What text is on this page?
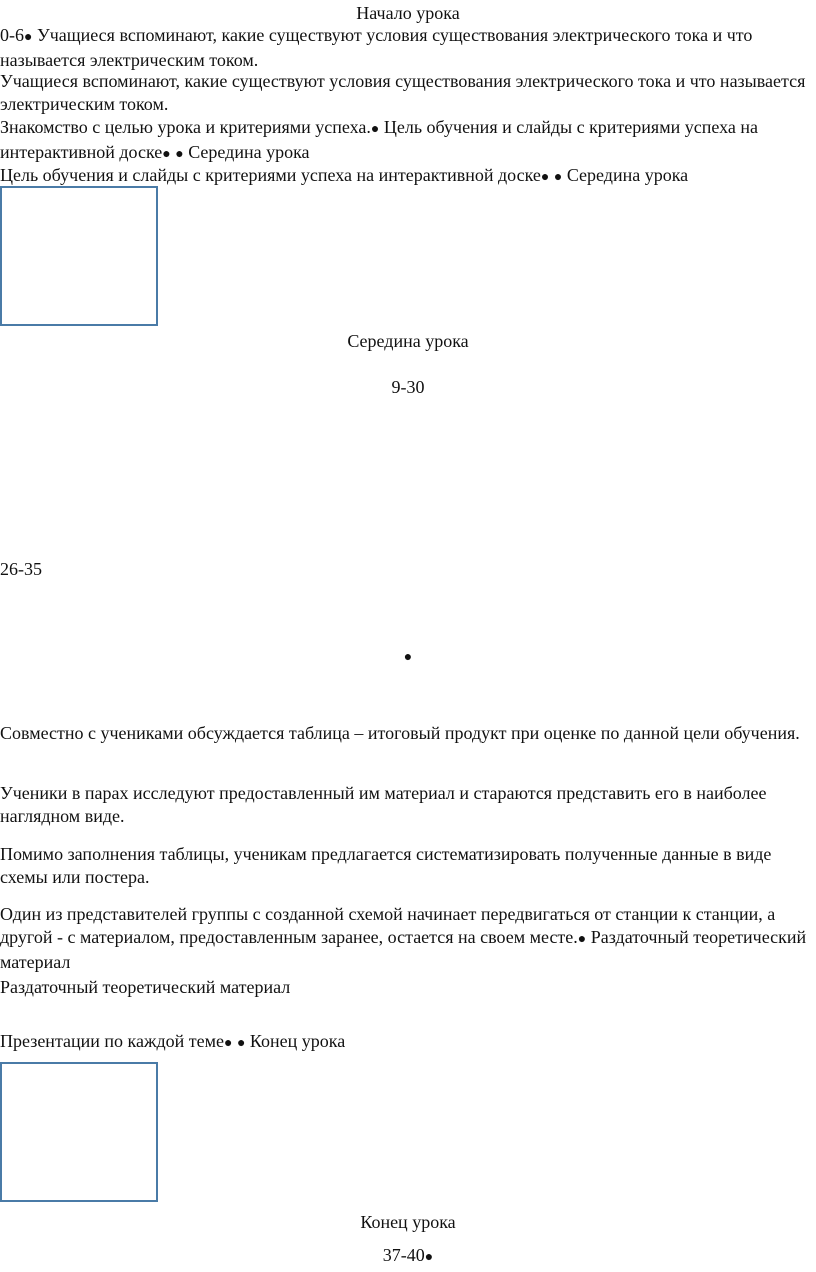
Начало урока
0-6● Учащиеся вспоминают, какие существуют условия существования электрического тока и что называется электрическим током.
Учащиеся вспоминают, какие существуют условия существования электрического тока и что называется электрическим током.
Знакомство с целью урока и критериями успеха.● Цель обучения и слайды с критериями успеха на интерактивной доске● ● Середина урока
Цель обучения и слайды с критериями успеха на интерактивной доске● ● Середина урока
Середина урока
9-30
26-35
●
Совместно с учениками обсуждается таблица – итоговый продукт при оценке по данной цели обучения.
Ученики в парах исследуют предоставленный им материал и стараются представить его в наиболее наглядном виде.
Помимо заполнения таблицы, ученикам предлагается систематизировать полученные данные в виде схемы или постера.
Один из представителей группы с созданной схемой начинает передвигаться от станции к станции, а другой - с материалом, предоставленным заранее, остается на своем месте.● Раздаточный теоретический материал
Раздаточный теоретический материал
Презентации по каждой теме● ● Конец урока
Конец урока
37-40●
